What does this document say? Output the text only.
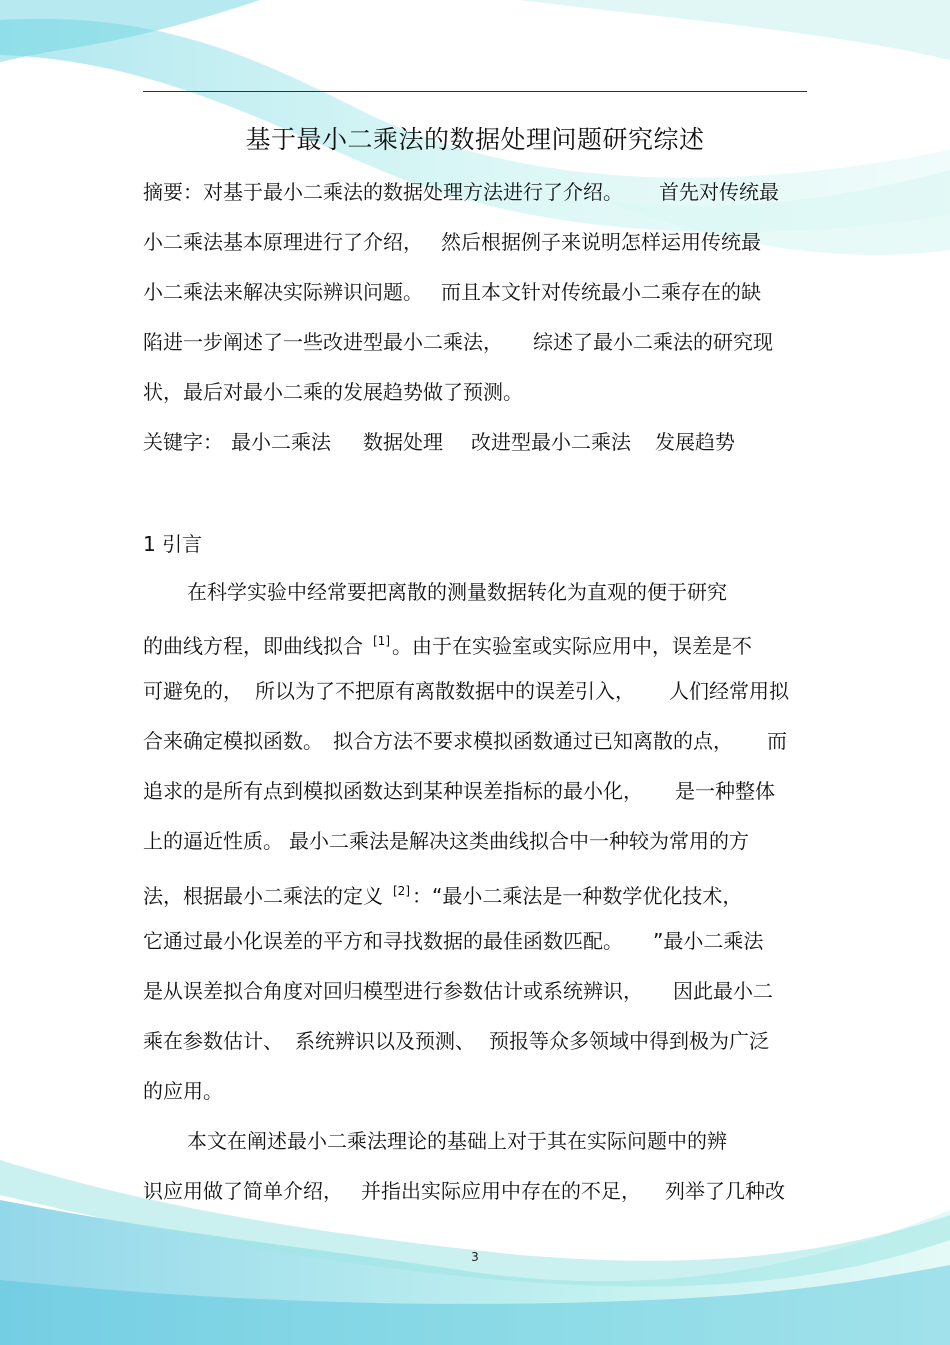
基于最小二乘法的数据处理问题研究综述
摘要：对基于最小二乘法的数据处理方法进行了介绍。 首先对传统最
小二乘法基本原理进行了介绍， 然后根据例子来说明怎样运用传统最
小二乘法来解决实际辨识问题。 而且本文针对传统最小二乘存在的缺
陷进一步阐述了一些改进型最小二乘法， 综述了最小二乘法的研究现
状，最后对最小二乘的发展趋势做了预测。
关键字： 最小二乘法 数据处理 改进型最小二乘法 发展趋势
1 引言
在科学实验中经常要把离散的测量数据转化为直观的便于研究
的曲线方程，即曲线拟合 [1] 。由于在实验室或实际应用中，误差是不
可避免的， 所以为了不把原有离散数据中的误差引入， 人们经常用拟
合来确定模拟函数。 拟合方法不要求模拟函数通过已知离散的点， 而
追求的是所有点到模拟函数达到某种误差指标的最小化， 是一种整体
上的逼近性质。 最小二乘法是解决这类曲线拟合中一种较为常用的方
法，根据最小二乘法的定义 [2] ：“最小二乘法是一种数学优化技术，
它通过最小化误差的平方和寻找数据的最佳函数匹配。 ”最小二乘法
是从误差拟合角度对回归模型进行参数估计或系统辨识， 因此最小二
乘在参数估计、 系统辨识以及预测、 预报等众多领域中得到极为广泛
的应用。
本文在阐述最小二乘法理论的基础上对于其在实际问题中的辨
识应用做了简单介绍， 并指出实际应用中存在的不足， 列举了几种改
3
